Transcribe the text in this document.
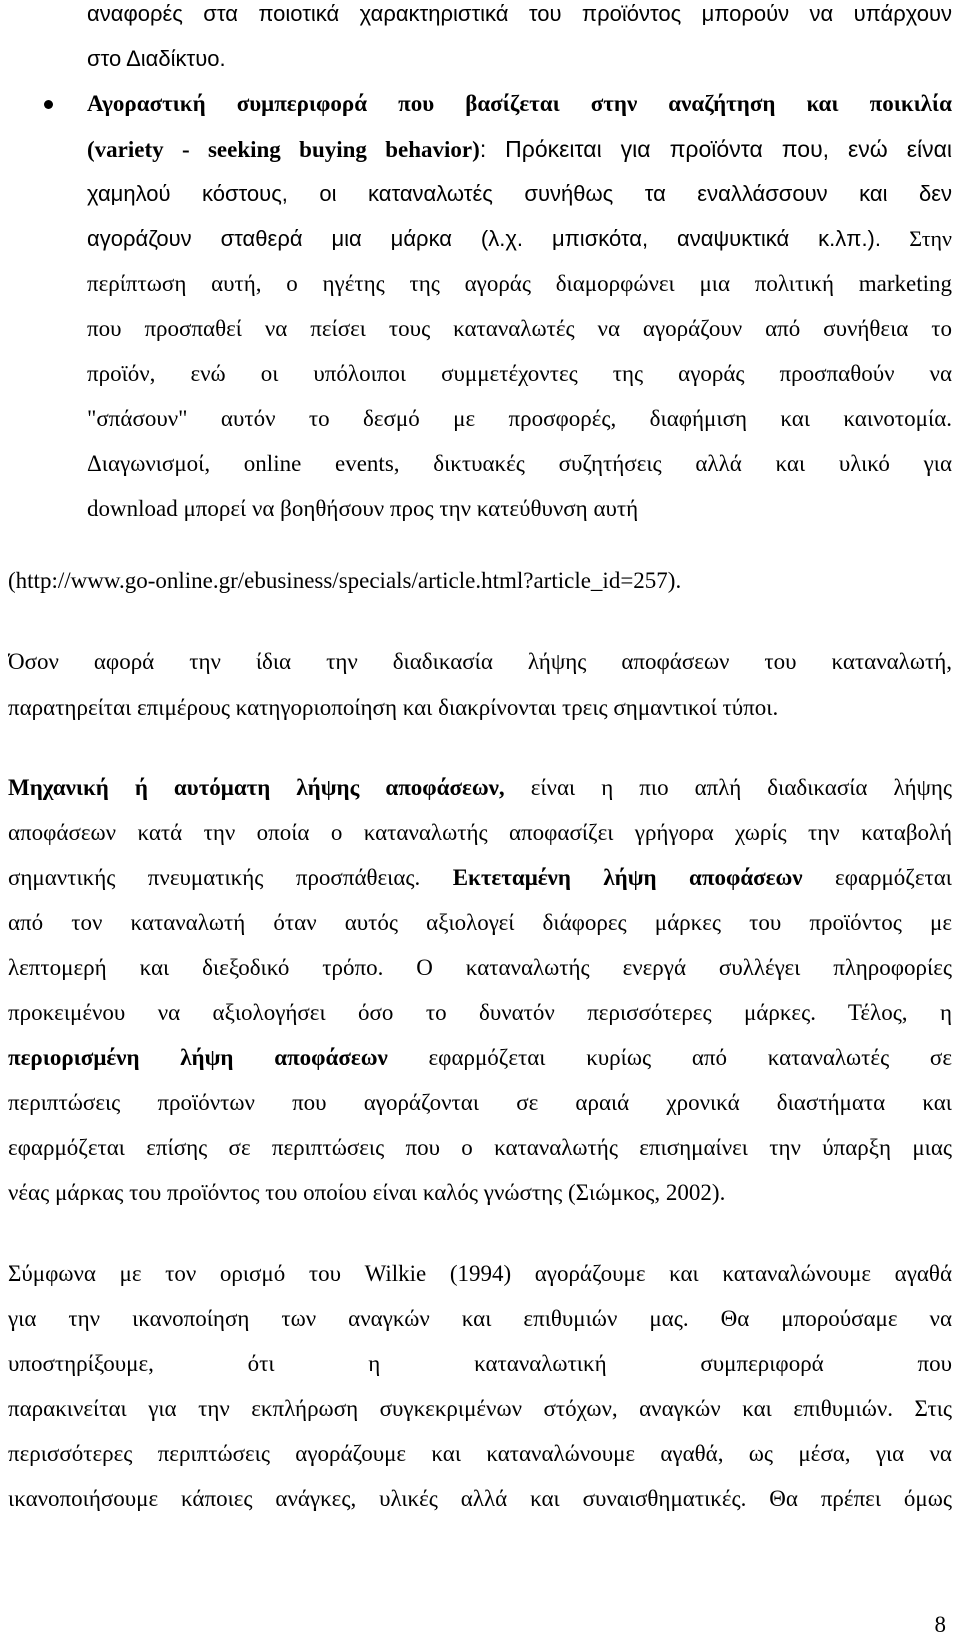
αναφορές στα ποιοτικά χαρακτηριστικά του προϊόντος μπορούν να υπάρχουν
στο Διαδίκτυο.
Αγοραστική συμπεριφορά που βασίζεται στην αναζήτηση και ποικιλία
(variety - seeking buying behavior): Πρόκειται για προϊόντα που, ενώ είναι
χαμηλού κόστους, οι καταναλωτές συνήθως τα εναλλάσσουν και δεν
αγοράζουν σταθερά μια μάρκα (λ.χ. μπισκότα, αναψυκτικά κ.λπ.). Στην
περίπτωση αυτή, ο ηγέτης της αγοράς διαμορφώνει μια πολιτική marketing
που προσπαθεί να πείσει τους καταναλωτές να αγοράζουν από συνήθεια το
προϊόν, ενώ οι υπόλοιποι συμμετέχοντες της αγοράς προσπαθούν να
"σπάσουν" αυτόν το δεσμό με προσφορές, διαφήμιση και καινοτομία.
Διαγωνισμοί, online events, δικτυακές συζητήσεις αλλά και υλικό για
download μπορεί να βοηθήσουν προς την κατεύθυνση αυτή
(http://www.go-online.gr/ebusiness/specials/article.html?article_id=257).
Όσον αφορά την ίδια την διαδικασία λήψης αποφάσεων του καταναλωτή,
παρατηρείται επιμέρους κατηγοριοποίηση και διακρίνονται τρεις σημαντικοί τύποι.
Μηχανική ή αυτόματη λήψης αποφάσεων, είναι η πιο απλή διαδικασία λήψης
αποφάσεων κατά την οποία ο καταναλωτής αποφασίζει γρήγορα χωρίς την καταβολή
σημαντικής πνευματικής προσπάθειας. Εκτεταμένη λήψη αποφάσεων εφαρμόζεται
από τον καταναλωτή όταν αυτός αξιολογεί διάφορες μάρκες του προϊόντος με
λεπτομερή και διεξοδικό τρόπο. Ο καταναλωτής ενεργά συλλέγει πληροφορίες
προκειμένου να αξιολογήσει όσο το δυνατόν περισσότερες μάρκες. Τέλος, η
περιορισμένη λήψη αποφάσεων εφαρμόζεται κυρίως από καταναλωτές σε
περιπτώσεις προϊόντων που αγοράζονται σε αραιά χρονικά διαστήματα και
εφαρμόζεται επίσης σε περιπτώσεις που ο καταναλωτής επισημαίνει την ύπαρξη μιας
νέας μάρκας του προϊόντος του οποίου είναι καλός γνώστης (Σιώμκος, 2002).
Σύμφωνα με τον ορισμό του Wilkie (1994) αγοράζουμε και καταναλώνουμε αγαθά
για την ικανοποίηση των αναγκών και επιθυμιών μας. Θα μπορούσαμε να
υποστηρίξουμε, ότι η καταναλωτική συμπεριφορά που
παρακινείται για την εκπλήρωση συγκεκριμένων στόχων, αναγκών και επιθυμιών. Στις
περισσότερες περιπτώσεις αγοράζουμε και καταναλώνουμε αγαθά, ως μέσα, για να
ικανοποιήσουμε κάποιες ανάγκες, υλικές αλλά και συναισθηματικές. Θα πρέπει όμως
8
